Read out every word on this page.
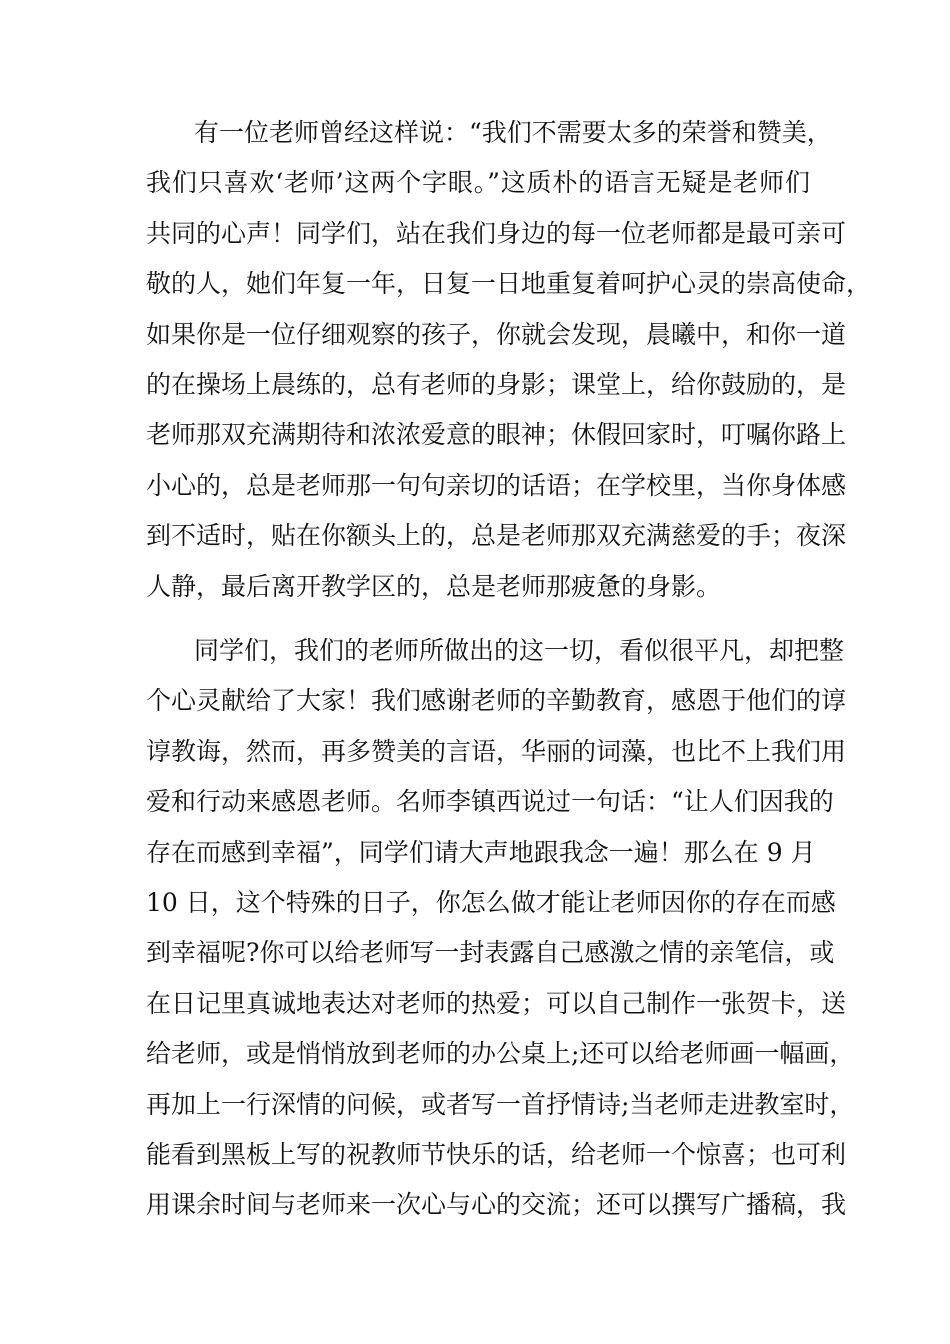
有一位老师曾经这样说：“我们不需要太多的荣誉和赞美，
我们只喜欢‘老师’这两个字眼。”这质朴的语言无疑是老师们
共同的心声！同学们，站在我们身边的每一位老师都是最可亲可
敬的人，她们年复一年，日复一日地重复着呵护心灵的崇高使命，
如果你是一位仔细观察的孩子，你就会发现，晨曦中，和你一道
的在操场上晨练的，总有老师的身影；课堂上，给你鼓励的，是
老师那双充满期待和浓浓爱意的眼神；休假回家时，叮嘱你路上
小心的，总是老师那一句句亲切的话语；在学校里，当你身体感
到不适时，贴在你额头上的，总是老师那双充满慈爱的手；夜深
人静，最后离开教学区的，总是老师那疲惫的身影。
同学们，我们的老师所做出的这一切，看似很平凡，却把整
个心灵献给了大家！我们感谢老师的辛勤教育，感恩于他们的谆
谆教诲，然而，再多赞美的言语，华丽的词藻，也比不上我们用
爱和行动来感恩老师。名师李镇西说过一句话：“让人们因我的
存在而感到幸福”，同学们请大声地跟我念一遍！那么在 9 月
10 日，这个特殊的日子，你怎么做才能让老师因你的存在而感
到幸福呢?你可以给老师写一封表露自己感激之情的亲笔信，或
在日记里真诚地表达对老师的热爱；可以自己制作一张贺卡，送
给老师，或是悄悄放到老师的办公桌上;还可以给老师画一幅画，
再加上一行深情的问候，或者写一首抒情诗;当老师走进教室时，
能看到黑板上写的祝教师节快乐的话，给老师一个惊喜；也可利
用课余时间与老师来一次心与心的交流；还可以撰写广播稿，我
